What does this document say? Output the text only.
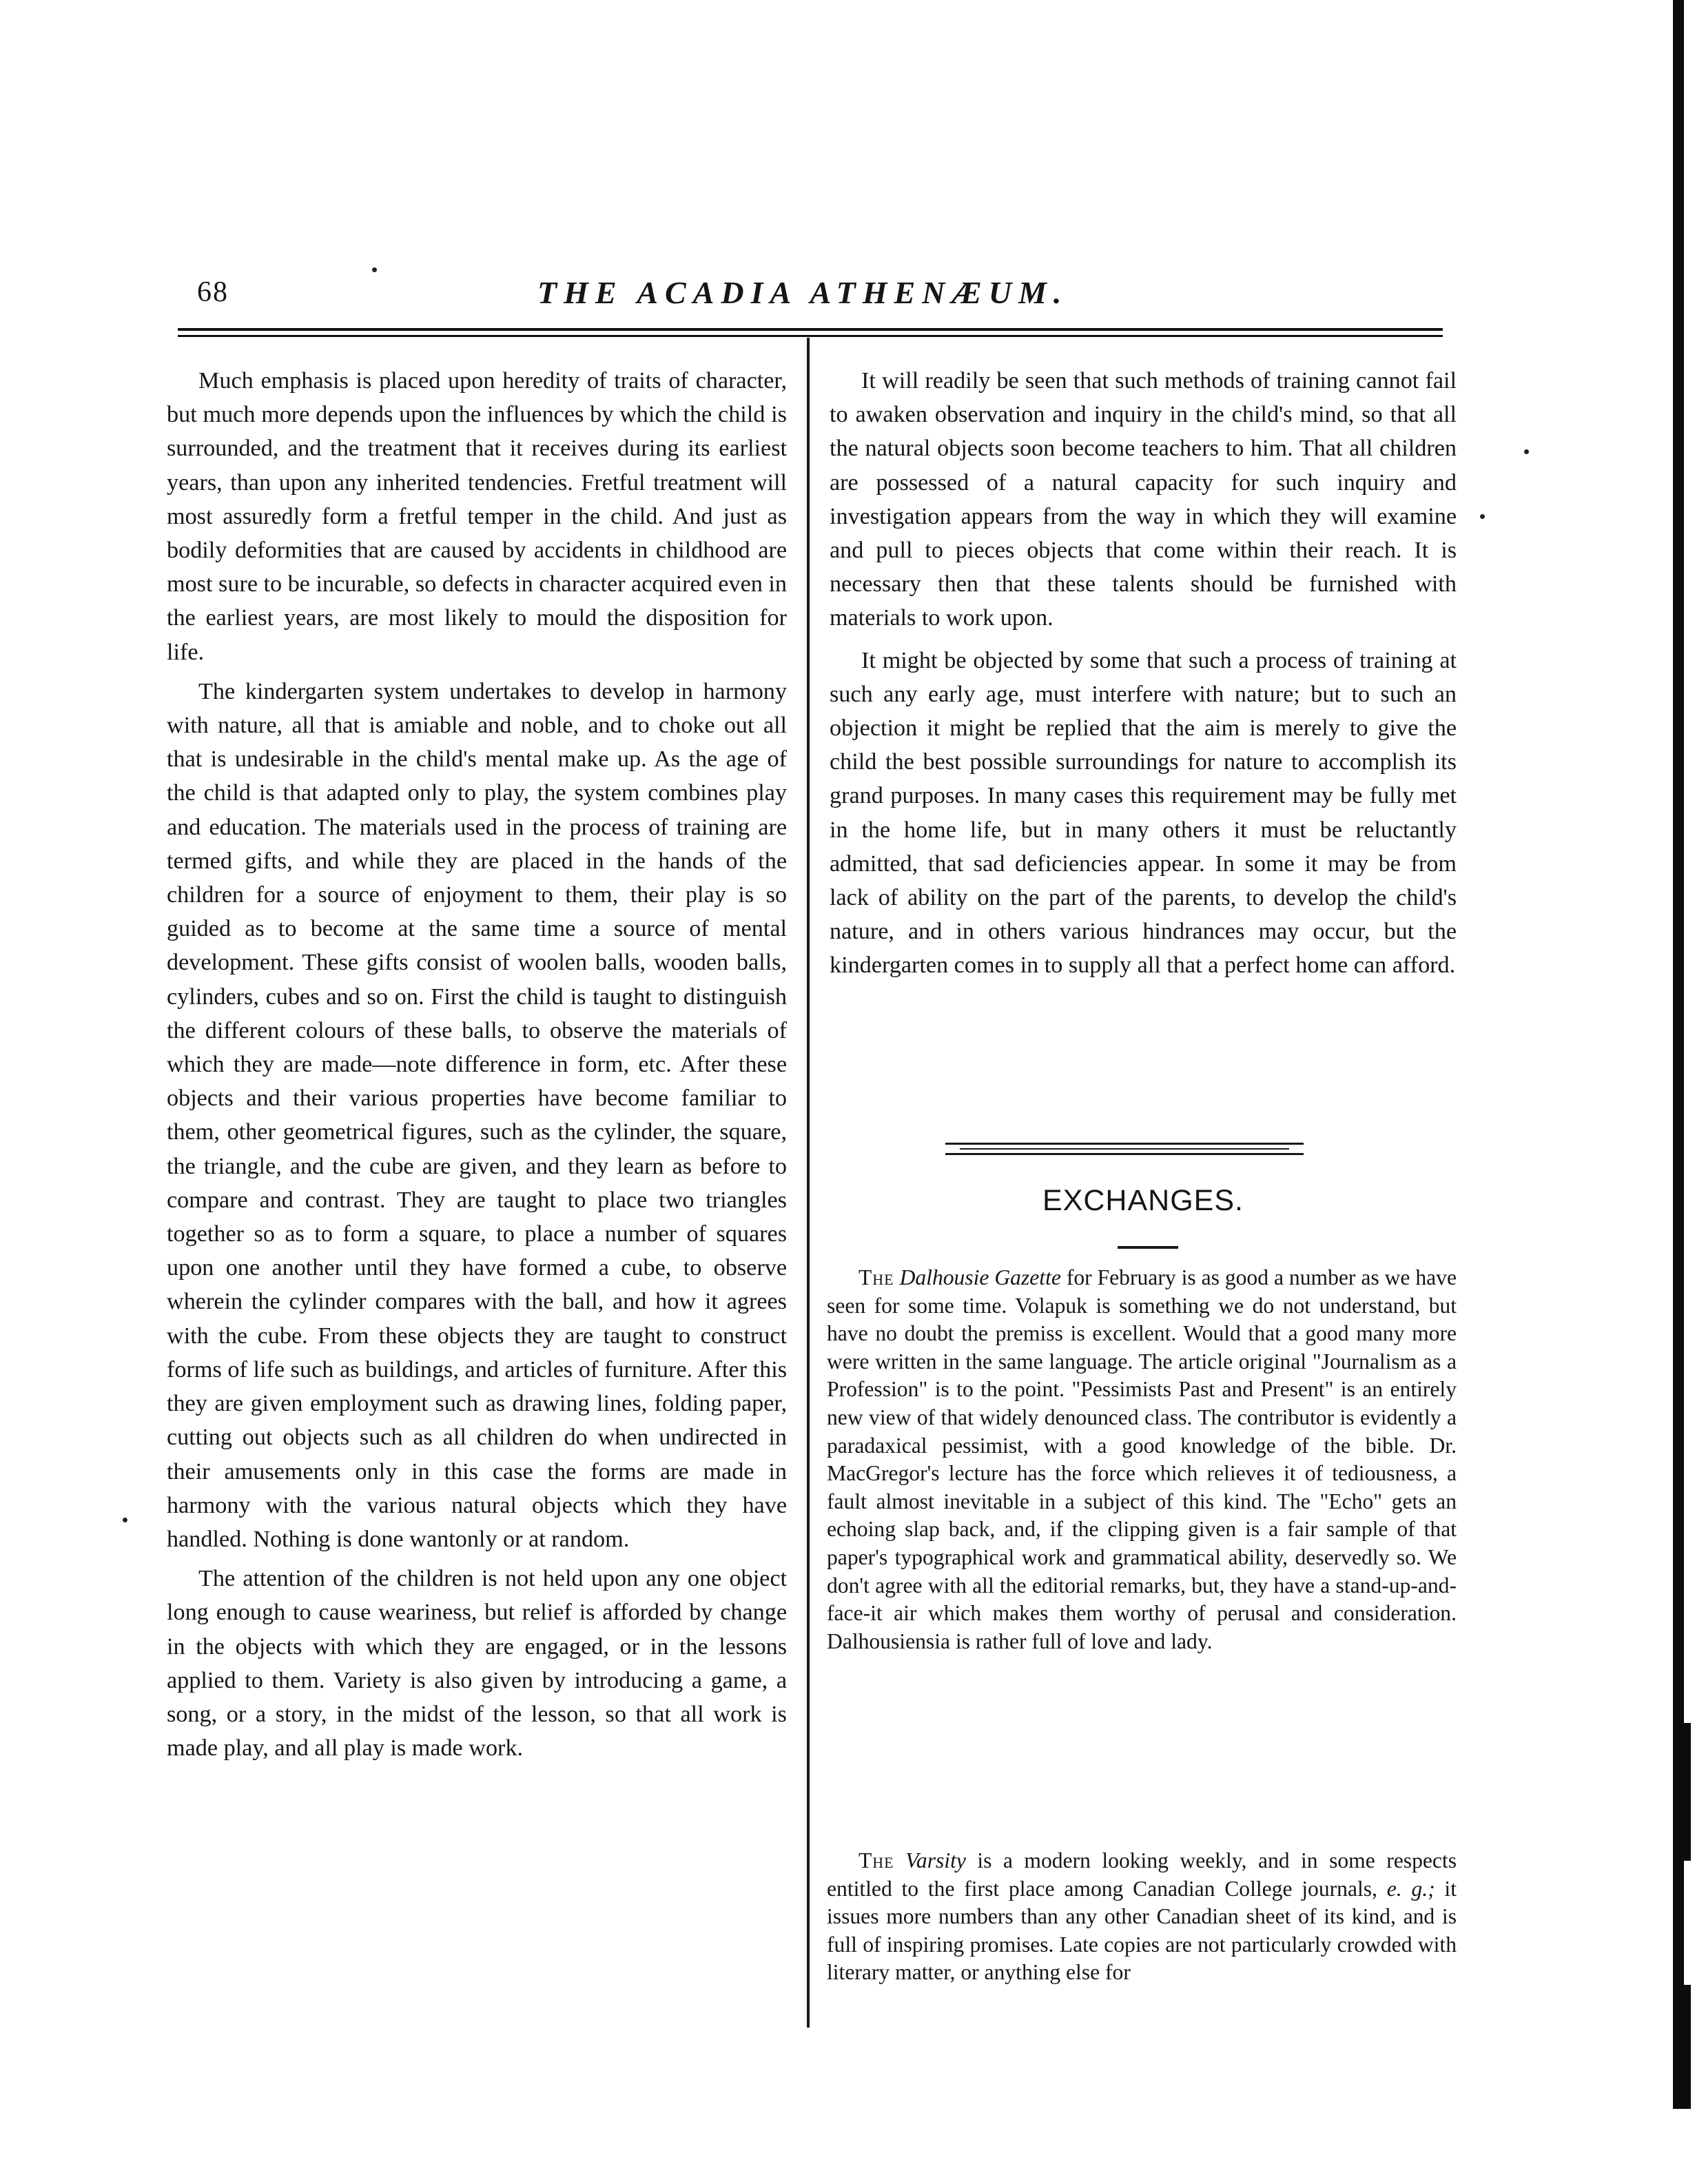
68	THE ACADIA ATHENÆUM.

Much emphasis is placed upon heredity of traits of character, but much more depends upon the influences by which the child is surrounded, and the treatment that it receives during its earliest years, than upon any inherited tendencies. Fretful treatment will most assuredly form a fretful temper in the child. And just as bodily deformities that are caused by accidents in childhood are most sure to be incurable, so defects in character acquired even in the earliest years, are most likely to mould the disposition for life.

The kindergarten system undertakes to develop in harmony with nature, all that is amiable and noble, and to choke out all that is undesirable in the child's mental make up. As the age of the child is that adapted only to play, the system combines play and education. The materials used in the process of training are termed gifts, and while they are placed in the hands of the children for a source of enjoyment to them, their play is so guided as to become at the same time a source of mental development. These gifts consist of woolen balls, wooden balls, cylinders, cubes and so on. First the child is taught to distinguish the different colours of these balls, to observe the materials of which they are made—note difference in form, etc. After these objects and their various properties have become familiar to them, other geometrical figures, such as the cylinder, the square, the triangle, and the cube are given, and they learn as before to compare and contrast. They are taught to place two triangles together so as to form a square, to place a number of squares upon one another until they have formed a cube, to observe wherein the cylinder compares with the ball, and how it agrees with the cube. From these objects they are taught to construct forms of life such as buildings, and articles of furniture. After this they are given employment such as drawing lines, folding paper, cutting out objects such as all children do when undirected in their amusements only in this case the forms are made in harmony with the various natural objects which they have handled. Nothing is done wantonly or at random.

The attention of the children is not held upon any one object long enough to cause weariness, but relief is afforded by change in the objects with which they are engaged, or in the lessons applied to them. Variety is also given by introducing a game, a song, or a story, in the midst of the lesson, so that all work is made play, and all play is made work.

It will readily be seen that such methods of training cannot fail to awaken observation and inquiry in the child's mind, so that all the natural objects soon become teachers to him. That all children are possessed of a natural capacity for such inquiry and investigation appears from the way in which they will examine and pull to pieces objects that come within their reach. It is necessary then that these talents should be furnished with materials to work upon.

It might be objected by some that such a process of training at such any early age, must interfere with nature; but to such an objection it might be replied that the aim is merely to give the child the best possible surroundings for nature to accomplish its grand purposes. In many cases this requirement may be fully met in the home life, but in many others it must be reluctantly admitted, that sad deficiencies appear. In some it may be from lack of ability on the part of the parents, to develop the child's nature, and in others various hindrances may occur, but the kindergarten comes in to supply all that a perfect home can afford.

EXCHANGES.

The Dalhousie Gazette for February is as good a number as we have seen for some time. Volapuk is something we do not understand, but have no doubt the premiss is excellent. Would that a good many more were written in the same language. The article original "Journalism as a Profession" is to the point. "Pessimists Past and Present" is an entirely new view of that widely denounced class. The contributor is evidently a paradaxical pessimist, with a good knowledge of the bible. Dr. MacGregor's lecture has the force which relieves it of tediousness, a fault almost inevitable in a subject of this kind. The "Echo" gets an echoing slap back, and, if the clipping given is a fair sample of that paper's typographical work and grammatical ability, deservedly so. We don't agree with all the editorial remarks, but, they have a stand-up-and-face-it air which makes them worthy of perusal and consideration. Dalhousiensia is rather full of love and lady.

The Varsity is a modern looking weekly, and in some respects entitled to the first place among Canadian College journals, e. g.; it issues more numbers than any other Canadian sheet of its kind, and is full of inspiring promises. Late copies are not particularly crowded with literary matter, or anything else for
